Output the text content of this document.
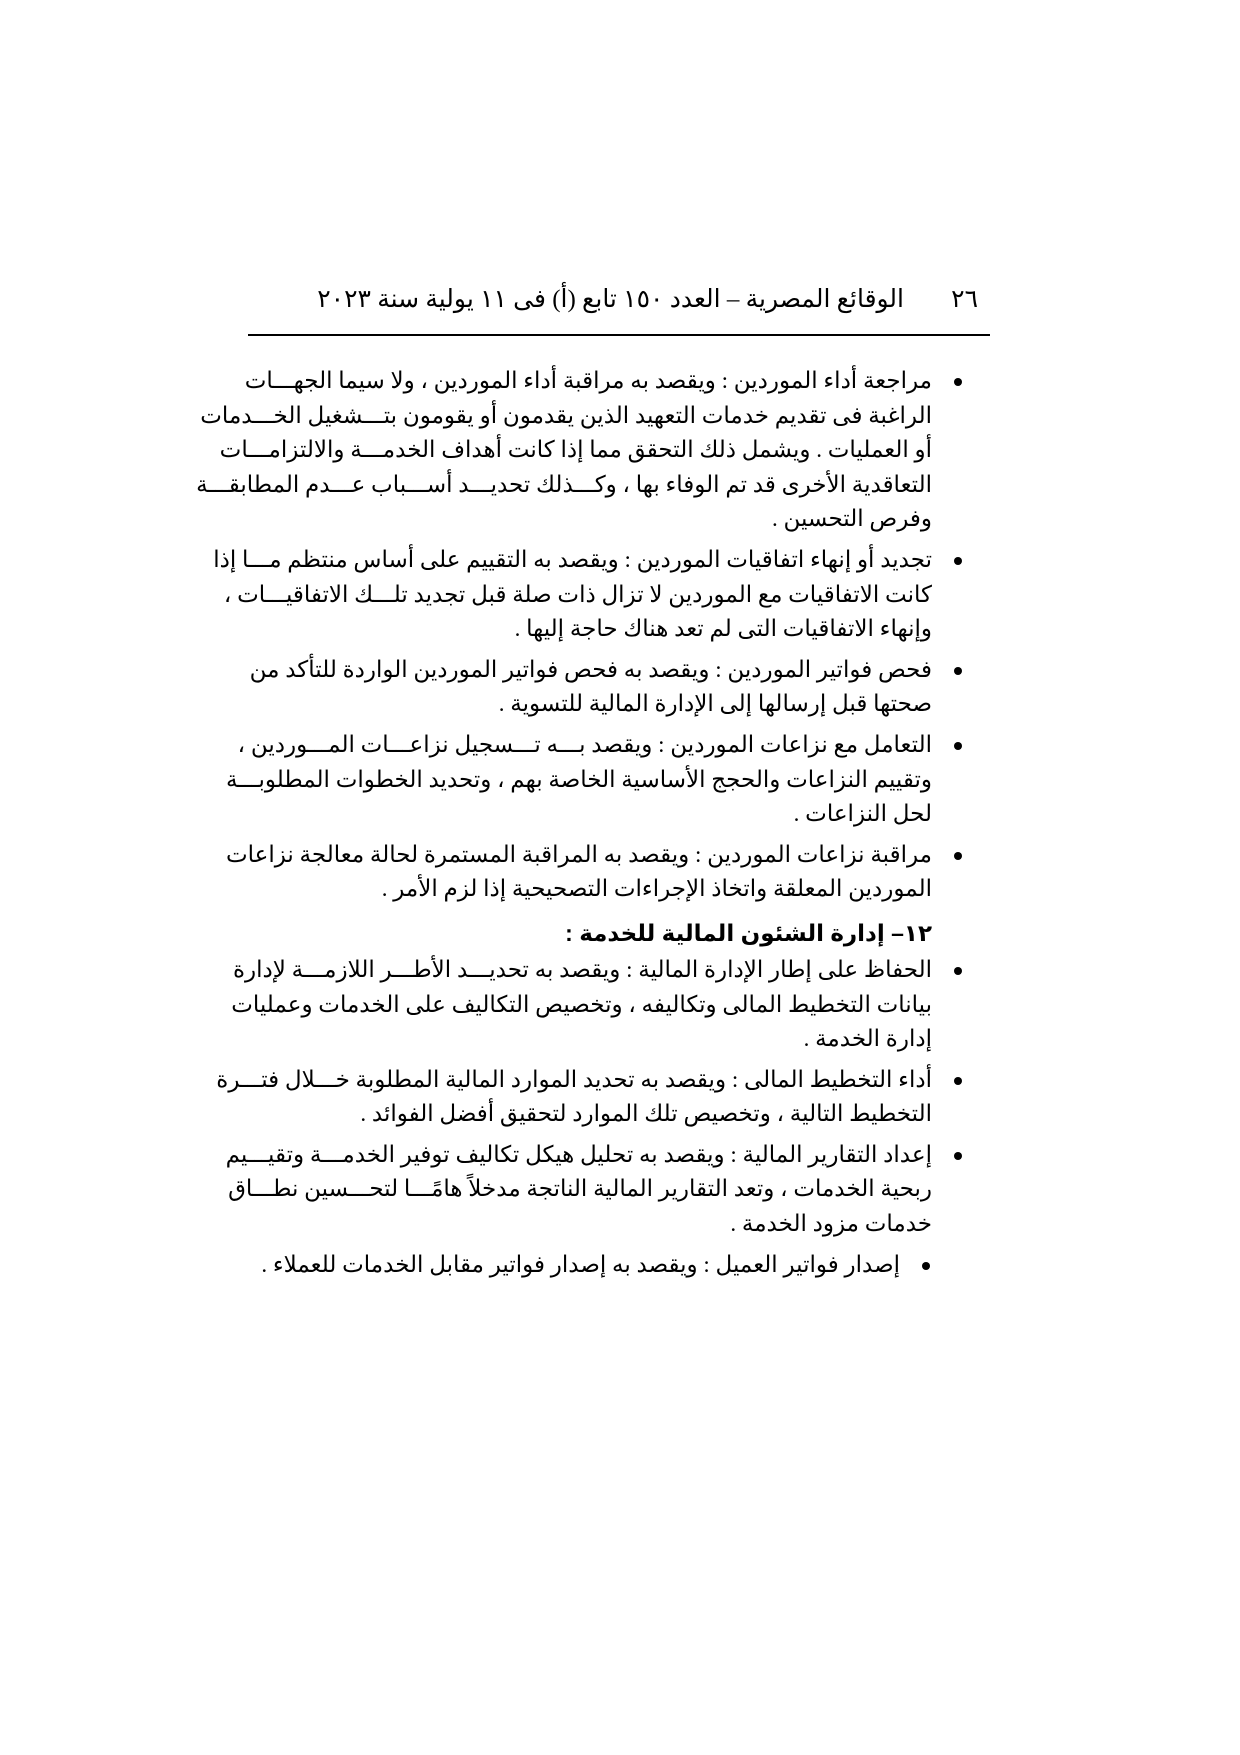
٢٦
الوقائع المصرية – العدد ١٥٠ تابع (أ) فى ١١ يولية سنة ٢٠٢٣
مراجعة أداء الموردين : ويقصد به مراقبة أداء الموردين ، ولا سيما الجهـــات
الراغبة فى تقديم خدمات التعهيد الذين يقدمون أو يقومون بتـــشغيل الخـــدمات
أو العمليات . ويشمل ذلك التحقق مما إذا كانت أهداف الخدمـــة والالتزامـــات
التعاقدية الأخرى قد تم الوفاء بها ، وكـــذلك تحديـــد أســـباب عـــدم المطابقـــة
وفرص التحسين .
تجديد أو إنهاء اتفاقيات الموردين : ويقصد به التقييم على أساس منتظم مـــا إذا
كانت الاتفاقيات مع الموردين لا تزال ذات صلة قبل تجديد تلـــك الاتفاقيـــات ،
وإنهاء الاتفاقيات التى لم تعد هناك حاجة إليها .
فحص فواتير الموردين : ويقصد به فحص فواتير الموردين الواردة للتأكد من
صحتها قبل إرسالها إلى الإدارة المالية للتسوية .
التعامل مع نزاعات الموردين : ويقصد بـــه تـــسجيل نزاعـــات المـــوردين ،
وتقييم النزاعات والحجج الأساسية الخاصة بهم ، وتحديد الخطوات المطلوبـــة
لحل النزاعات .
مراقبة نزاعات الموردين : ويقصد به المراقبة المستمرة لحالة معالجة نزاعات
الموردين المعلقة واتخاذ الإجراءات التصحيحية إذا لزم الأمر .
١٢– إدارة الشئون المالية للخدمة :
الحفاظ على إطار الإدارة المالية : ويقصد به تحديـــد الأطـــر اللازمـــة لإدارة
بيانات التخطيط المالى وتكاليفه ، وتخصيص التكاليف على الخدمات وعمليات
إدارة الخدمة .
أداء التخطيط المالى : ويقصد به تحديد الموارد المالية المطلوبة خـــلال فتـــرة
التخطيط التالية ، وتخصيص تلك الموارد لتحقيق أفضل الفوائد .
إعداد التقارير المالية : ويقصد به تحليل هيكل تكاليف توفير الخدمـــة وتقيـــيم
ربحية الخدمات ، وتعد التقارير المالية الناتجة مدخلاً هامًـــا لتحـــسين نطـــاق
خدمات مزود الخدمة .
إصدار فواتير العميل : ويقصد به إصدار فواتير مقابل الخدمات للعملاء .
